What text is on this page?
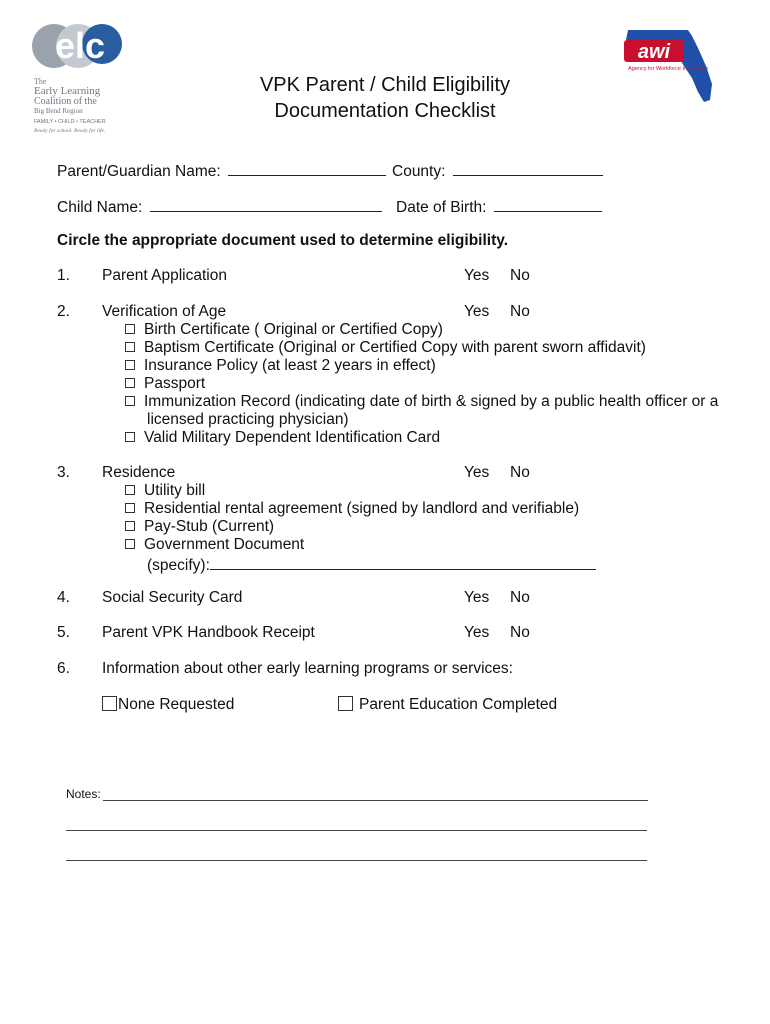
elc
The
Early Learning
Coalition of the
Big Bend Region
FAMILY • CHILD • TEACHER
Ready for school. Ready for life.
awi
Agency for Workforce Innovation
VPK Parent / Child Eligibility
Documentation Checklist
Parent/Guardian Name:	County:
Child Name:	Date of Birth:
Circle the appropriate document used to determine eligibility.
1. Parent Application	Yes No
2. Verification of Age	Yes No
Birth Certificate ( Original or Certified Copy)
Baptism Certificate (Original or Certified Copy with parent sworn affidavit)
Insurance Policy (at least 2 years in effect)
Passport
Immunization Record (indicating date of birth & signed by a public health officer or a
licensed practicing physician)
Valid Military Dependent Identification Card
3. Residence	Yes No
Utility bill
Residential rental agreement (signed by landlord and verifiable)
Pay-Stub (Current)
Government Document
(specify):
4. Social Security Card	Yes No
5. Parent VPK Handbook Receipt	Yes No
6. Information about other early learning programs or services:
None Requested	Parent Education Completed
Notes:
